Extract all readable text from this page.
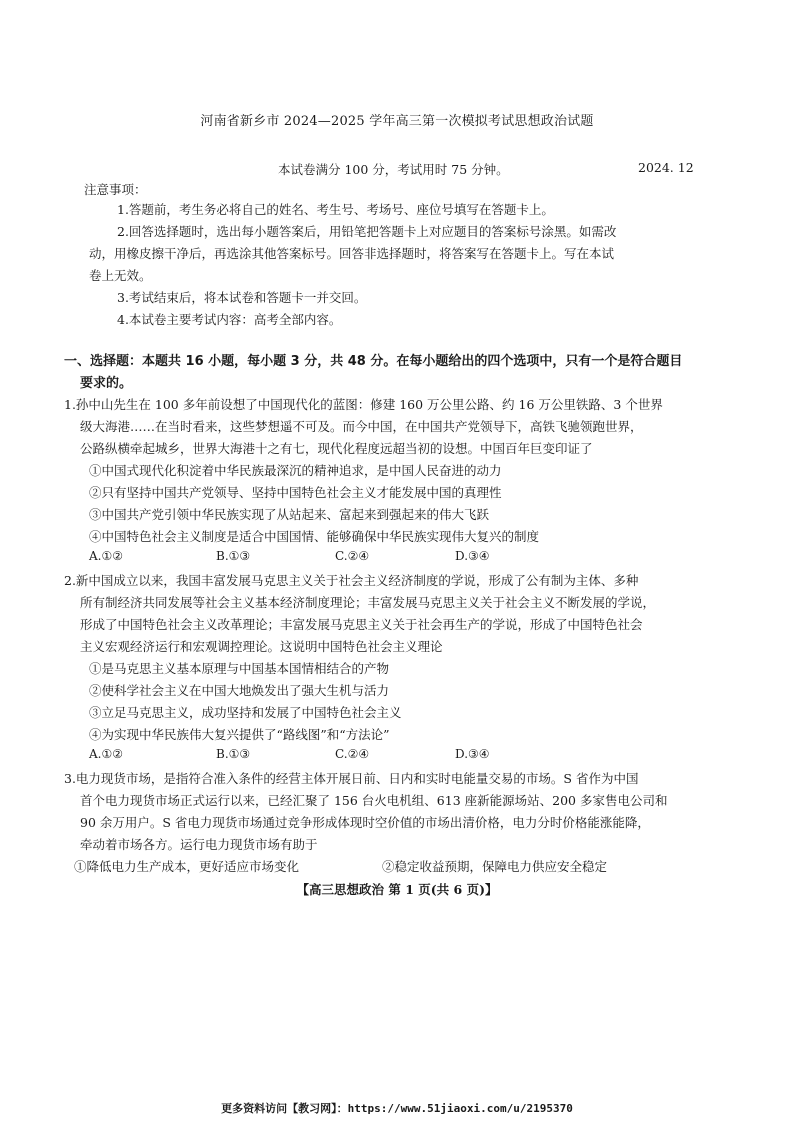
河南省新乡市 2024—2025 学年高三第一次模拟考试思想政治试题
本试卷满分 100 分，考试用时 75 分钟。	2024. 12
注意事项：
1.答题前，考生务必将自己的姓名、考生号、考场号、座位号填写在答题卡上。
2.回答选择题时，选出每小题答案后，用铅笔把答题卡上对应题目的答案标号涂黑。如需改
动，用橡皮擦干净后，再选涂其他答案标号。回答非选择题时，将答案写在答题卡上。写在本试
卷上无效。
3.考试结束后，将本试卷和答题卡一并交回。
4.本试卷主要考试内容：高考全部内容。
一、选择题：本题共 16 小题，每小题 3 分，共 48 分。在每小题给出的四个选项中，只有一个是符合题目
要求的。
1.孙中山先生在 100 多年前设想了中国现代化的蓝图：修建 160 万公里公路、约 16 万公里铁路、3 个世界
级大海港……在当时看来，这些梦想遥不可及。而今中国，在中国共产党领导下，高铁飞驰领跑世界，
公路纵横牵起城乡，世界大海港十之有七，现代化程度远超当初的设想。中国百年巨变印证了
①中国式现代化积淀着中华民族最深沉的精神追求，是中国人民奋进的动力
②只有坚持中国共产党领导、坚持中国特色社会主义才能发展中国的真理性
③中国共产党引领中华民族实现了从站起来、富起来到强起来的伟大飞跃
④中国特色社会主义制度是适合中国国情、能够确保中华民族实现伟大复兴的制度
A.①②	B.①③	C.②④	D.③④
2.新中国成立以来，我国丰富发展马克思主义关于社会主义经济制度的学说，形成了公有制为主体、多种
所有制经济共同发展等社会主义基本经济制度理论；丰富发展马克思主义关于社会主义不断发展的学说，
形成了中国特色社会主义改革理论；丰富发展马克思主义关于社会再生产的学说，形成了中国特色社会
主义宏观经济运行和宏观调控理论。这说明中国特色社会主义理论
①是马克思主义基本原理与中国基本国情相结合的产物
②使科学社会主义在中国大地焕发出了强大生机与活力
③立足马克思主义，成功坚持和发展了中国特色社会主义
④为实现中华民族伟大复兴提供了“路线图”和“方法论”
A.①②	B.①③	C.②④	D.③④
3.电力现货市场，是指符合准入条件的经营主体开展日前、日内和实时电能量交易的市场。S 省作为中国
首个电力现货市场正式运行以来，已经汇聚了 156 台火电机组、613 座新能源场站、200 多家售电公司和
90 余万用户。S 省电力现货市场通过竞争形成体现时空价值的市场出清价格，电力分时价格能涨能降，
牵动着市场各方。运行电力现货市场有助于
①降低电力生产成本，更好适应市场变化	②稳定收益预期，保障电力供应安全稳定
【高三思想政治 第 1 页(共 6 页)】
更多资料访问【教习网】：https://www.51jiaoxi.com/u/2195370
